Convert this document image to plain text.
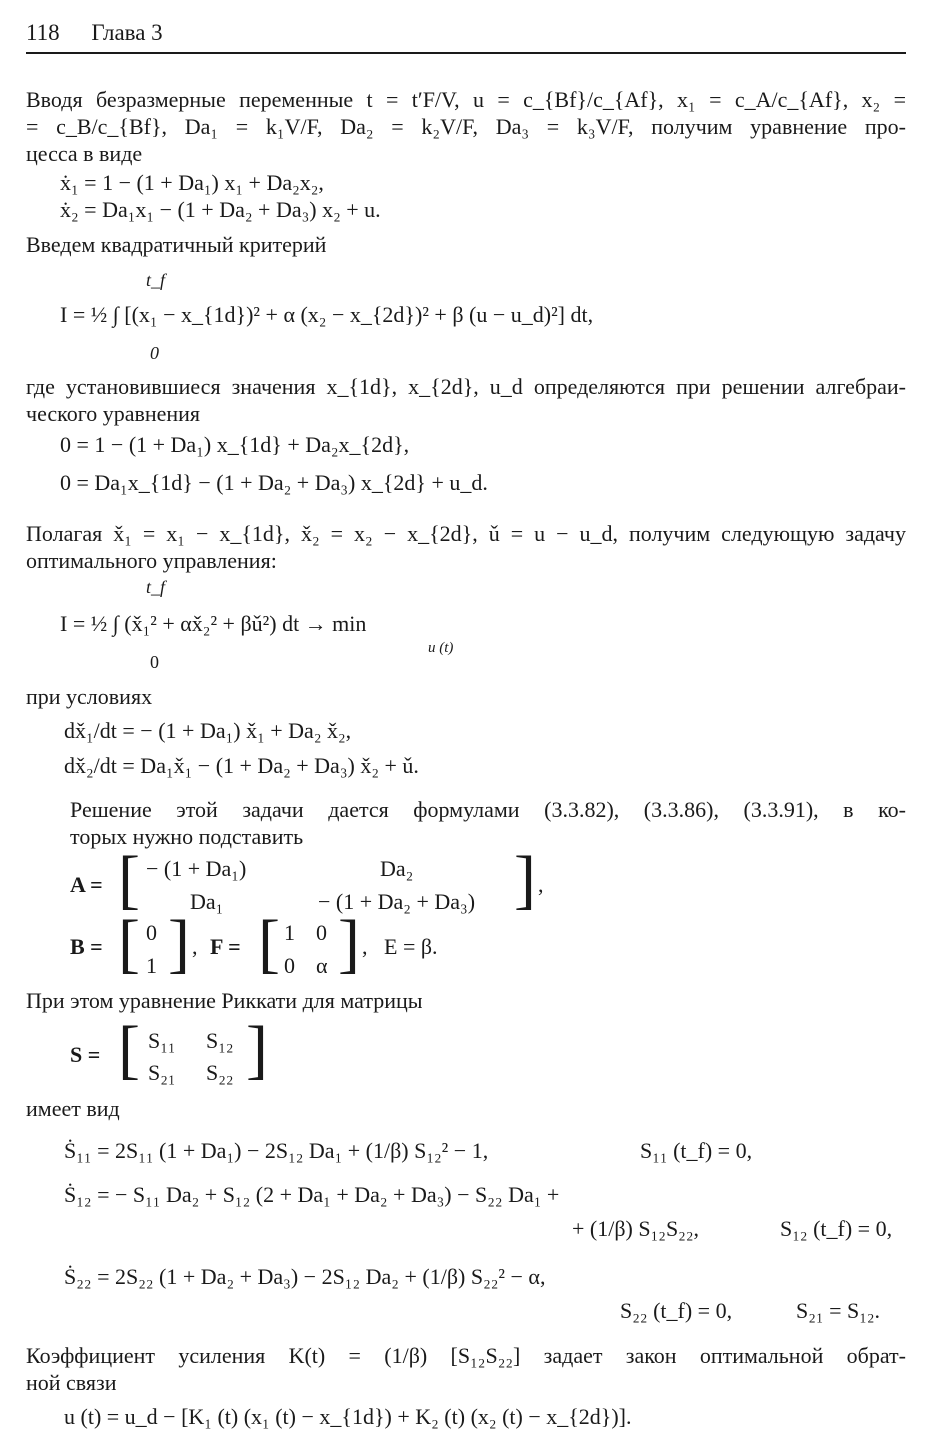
118 Глава 3
Вводя безразмерные переменные t = t′F/V, u = c_{Bf}/c_{Af}, x₁ = c_A/c_{Af}, x₂ =
= c_B/c_{Bf}, Da₁ = k₁V/F, Da₂ = k₂V/F, Da₃ = k₃V/F, получим уравнение про-
цесса в виде
ẋ₁ = 1 − (1 + Da₁) x₁ + Da₂x₂,
ẋ₂ = Da₁x₁ − (1 + Da₂ + Da₃) x₂ + u.
Введем квадратичный критерий
t_f
I = ½ ∫ [(x₁ − x_{1d})² + α (x₂ − x_{2d})² + β (u − u_d)²] dt,
0
где установившиеся значения x_{1d}, x_{2d}, u_d определяются при решении алгебраи-
ческого уравнения
0 = 1 − (1 + Da₁) x_{1d} + Da₂x_{2d},
0 = Da₁x_{1d} − (1 + Da₂ + Da₃) x_{2d} + u_d.
Полагая x̌₁ = x₁ − x_{1d}, x̌₂ = x₂ − x_{2d}, ǔ = u − u_d, получим следующую задачу
оптимального управления:
t_f
I = ½ ∫ (x̌₁² + αx̌₂² + βǔ²) dt → min
0
u (t)
при условиях
dx̌₁/dt = − (1 + Da₁) x̌₁ + Da₂ x̌₂,
dx̌₂/dt = Da₁x̌₁ − (1 + Da₂ + Da₃) x̌₂ + ǔ.
Решение этой задачи дается формулами (3.3.82), (3.3.86), (3.3.91), в ко-
торых нужно подставить
A = [ − (1 + Da₁)	Da₂
Da₁	− (1 + Da₂ + Da₃) ] ,
B = [ 0
1 ] , F = [ 1 0
0 α ] , E = β.
При этом уравнение Риккати для матрицы
S = [ S₁₁ S₁₂
S₂₁ S₂₂ ]
имеет вид
Ṡ₁₁ = 2S₁₁ (1 + Da₁) − 2S₁₂ Da₁ + (1/β) S₁₂² − 1,	S₁₁ (t_f) = 0,
Ṡ₁₂ = − S₁₁ Da₂ + S₁₂ (2 + Da₁ + Da₂ + Da₃) − S₂₂ Da₁ +
+ (1/β) S₁₂S₂₂,	S₁₂ (t_f) = 0,
Ṡ₂₂ = 2S₂₂ (1 + Da₂ + Da₃) − 2S₁₂ Da₂ + (1/β) S₂₂² − α,
S₂₂ (t_f) = 0,	S₂₁ = S₁₂.
Коэффициент усиления K(t) = (1/β) [S₁₂S₂₂] задает закон оптимальной обрат-
ной связи
u (t) = u_d − [K₁ (t) (x₁ (t) − x_{1d}) + K₂ (t) (x₂ (t) − x_{2d})].
